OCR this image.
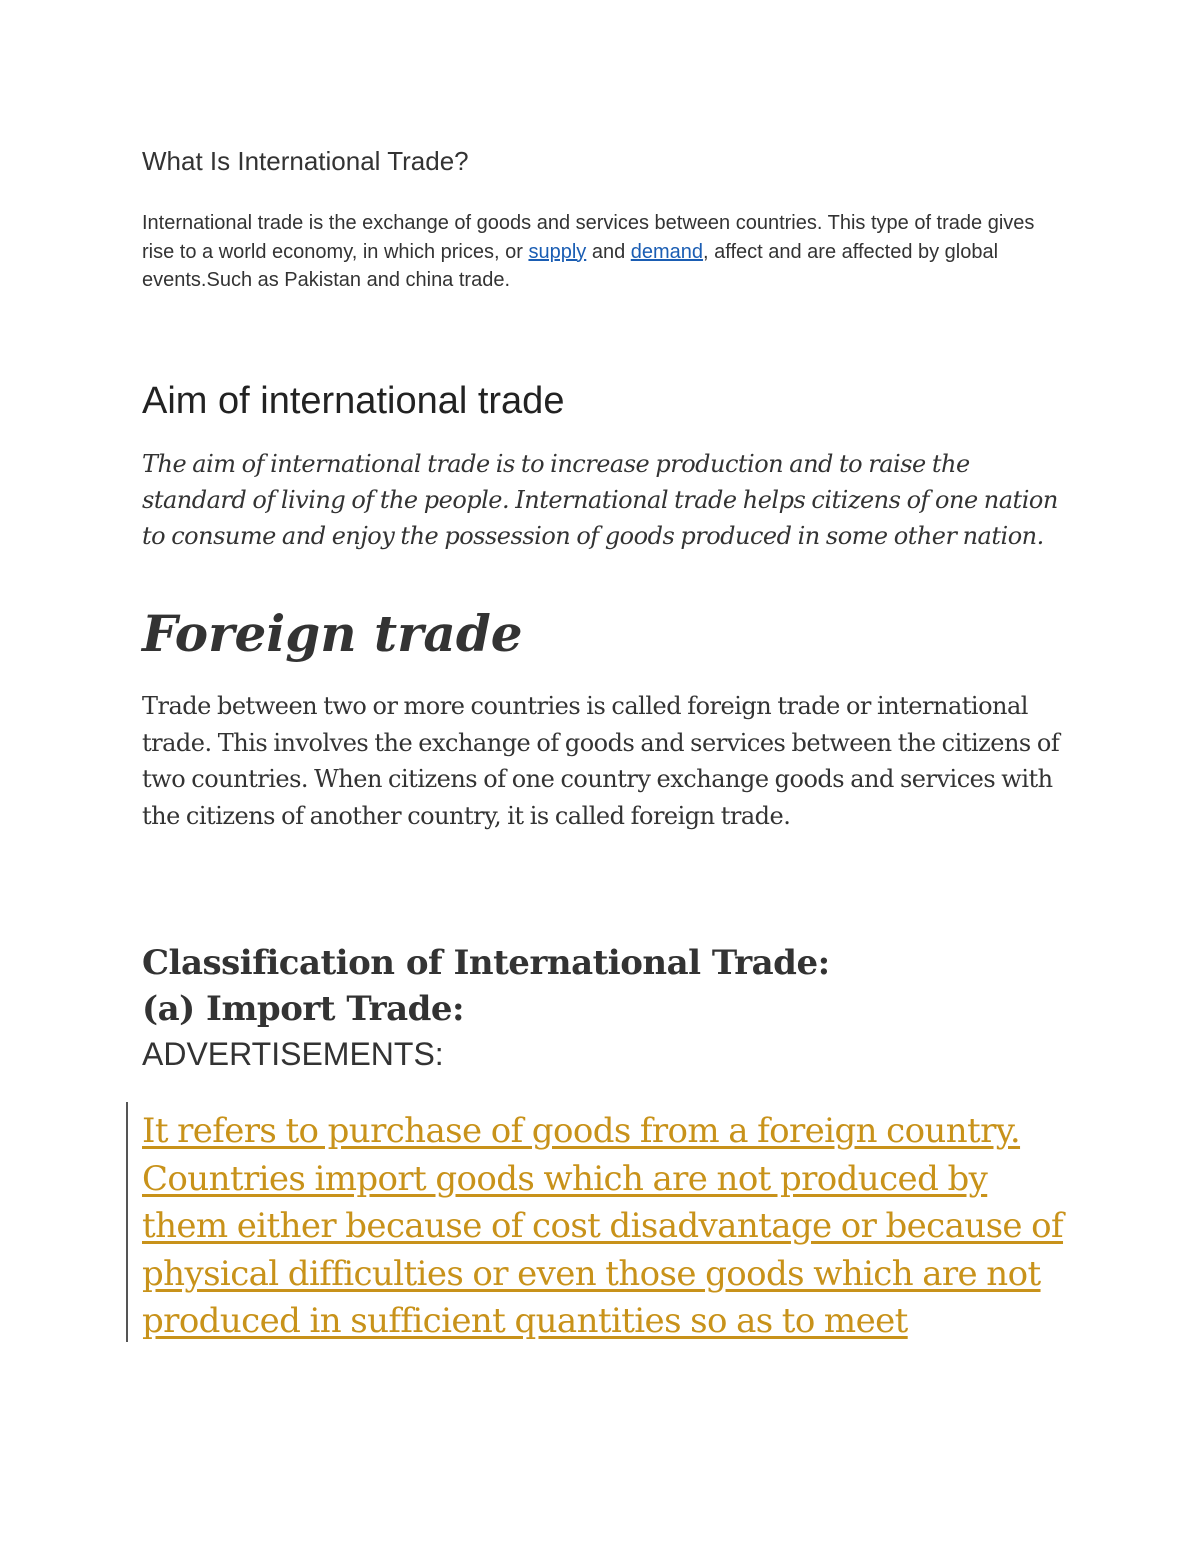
What Is International Trade?
International trade is the exchange of goods and services between countries. This type of trade gives rise to a world economy, in which prices, or supply and demand, affect and are affected by global events.Such as Pakistan and china trade.
Aim of international trade
The aim of international trade is to increase production and to raise the standard of living of the people. International trade helps citizens of one nation to consume and enjoy the possession of goods produced in some other nation.
Foreign trade
Trade between two or more countries is called foreign trade or international trade. This involves the exchange of goods and services between the citizens of two countries. When citizens of one country exchange goods and services with the citizens of another country, it is called foreign trade.
Classification of International Trade:
(a) Import Trade:
ADVERTISEMENTS:
It refers to purchase of goods from a foreign country. Countries import goods which are not produced by them either because of cost disadvantage or because of physical difficulties or even those goods which are not produced in sufficient quantities so as to meet
